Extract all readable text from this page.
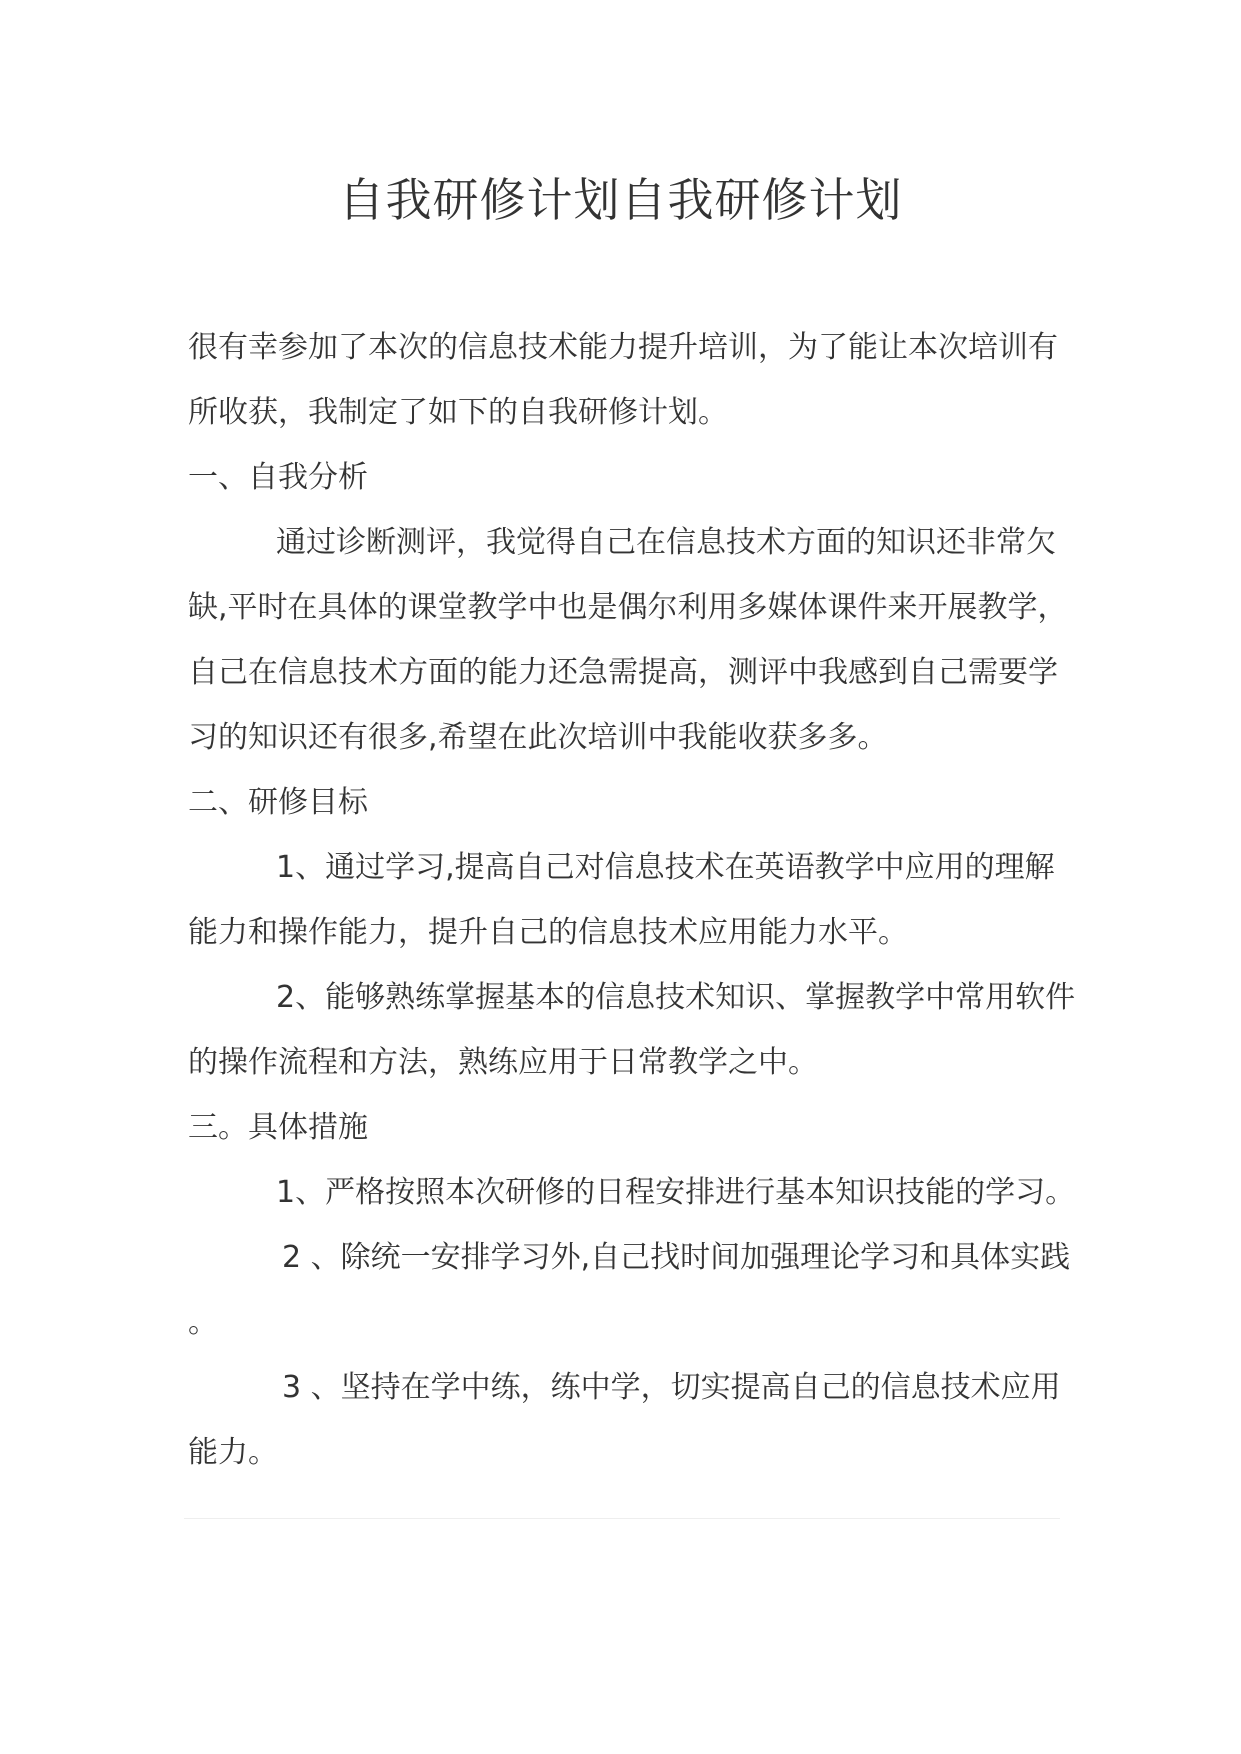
自我研修计划自我研修计划
很有幸参加了本次的信息技术能力提升培训，为了能让本次培训有
所收获，我制定了如下的自我研修计划。
一、自我分析
通过诊断测评，我觉得自己在信息技术方面的知识还非常欠
缺,平时在具体的课堂教学中也是偶尔利用多媒体课件来开展教学，
自己在信息技术方面的能力还急需提高，测评中我感到自己需要学
习的知识还有很多,希望在此次培训中我能收获多多。
二、研修目标
1、通过学习,提高自己对信息技术在英语教学中应用的理解
能力和操作能力，提升自己的信息技术应用能力水平。
2、能够熟练掌握基本的信息技术知识、掌握教学中常用软件
的操作流程和方法，熟练应用于日常教学之中。
三。具体措施
1、严格按照本次研修的日程安排进行基本知识技能的学习。
2 、除统一安排学习外,自己找时间加强理论学习和具体实践
。
3 、坚持在学中练，练中学，切实提高自己的信息技术应用
能力。
